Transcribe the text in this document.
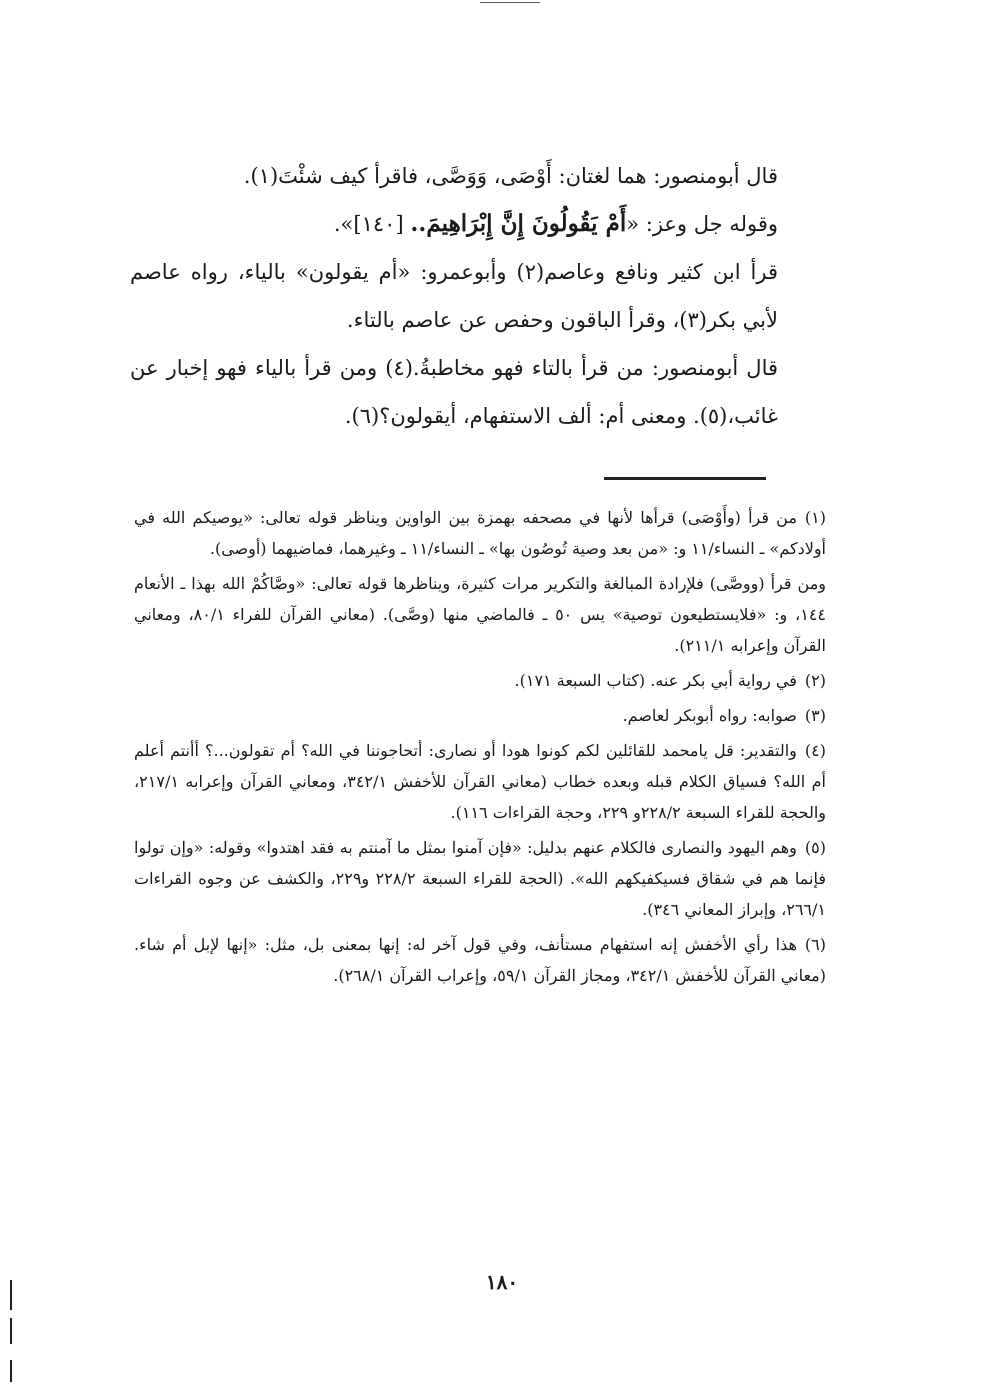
قال أبومنصور: هما لغتان: أَوْصَى، وَوَصَّى، فاقرأ كيف شئْتَ(١).

وقوله جل وعز: «أَمْ يَقُولُونَ إِنَّ إِبْرَاهِيمَ.. [١٤٠]».

قرأ ابن كثير ونافع وعاصم(٢) وأبوعمرو: «أم يقولون» بالياء، رواه عاصم لأبي بكر(٣)، وقرأ الباقون وحفص عن عاصم بالتاء.

قال أبومنصور: من قرأ بالتاء فهو مخاطبةُ.(٤) ومن قرأ بالياء فهو إخبار عن غائب،(٥). ومعنى أم: ألف الاستفهام، أيقولون؟(٦).

(١)من قرأ (وأَوْصَى) قرأها لأنها في مصحفه بهمزة بين الواوين ويناظر قوله تعالى: «يوصيكم الله في أولادكم» ـ النساء/١١ و: «من بعد وصية تُوصُون بها» ـ النساء/١١ ـ وغيرهما، فماضيهما (أوصى).

ومن قرأ (ووصَّى) فلإرادة المبالغة والتكرير مرات كثيرة، ويناظرها قوله تعالى: «وصَّاكُمْ الله بهذا ـ الأنعام ١٤٤، و: «فلايستطيعون توصية» يس ٥٠ ـ فالماضي منها (وصَّى). (معاني القرآن للفراء ٨٠/١، ومعاني القرآن وإعرابه ٢١١/١).

(٢)في رواية أبي بكر عنه. (كتاب السبعة ١٧١).

(٣)صوابه: رواه أبوبكر لعاصم.

(٤)والتقدير: قل يامحمد للقائلين لكم كونوا هودا أو نصارى: أتحاجوننا في الله؟ أم تقولون...؟ أأنتم أعلم أم الله؟ فسياق الكلام قبله وبعده خطاب (معاني القرآن للأخفش ٣٤٢/١، ومعاني القرآن وإعرابه ٢١٧/١، والحجة للقراء السبعة ٢٢٨/٢و ٢٢٩، وحجة القراءات ١١٦).

(٥)وهم اليهود والنصارى فالكلام عنهم بدليل: «فإن آمنوا بمثل ما آمنتم به فقد اهتدوا» وقوله: «وإن تولوا فإنما هم في شقاق فسيكفيكهم الله». (الحجة للقراء السبعة ٢٢٨/٢ و٢٢٩، والكشف عن وجوه القراءات ٢٦٦/١، وإبراز المعاني ٣٤٦).

(٦)هذا رأي الأخفش إنه استفهام مستأنف، وفي قول آخر له: إنها بمعنى بل، مثل: «إنها لإبل أم شاء. (معاني القرآن للأخفش ٣٤٢/١، ومجاز القرآن ٥٩/١، وإعراب القرآن ٢٦٨/١).

١٨٠
